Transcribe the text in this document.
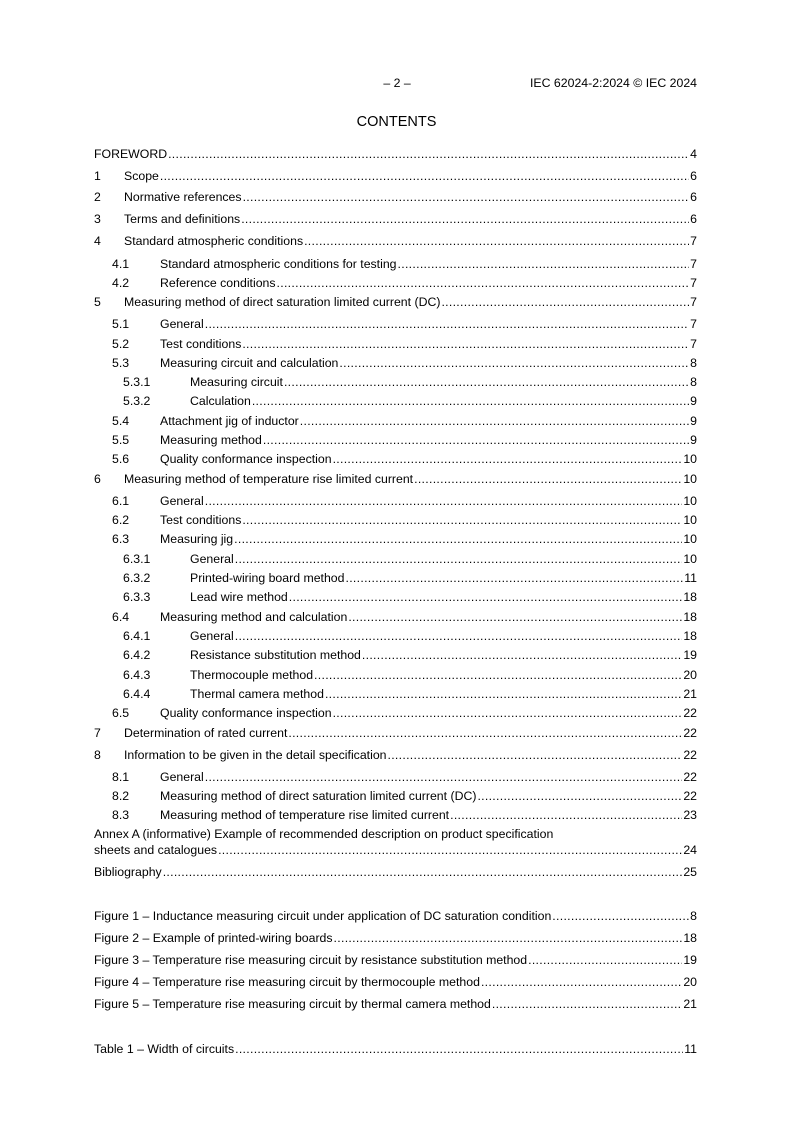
– 2 –	IEC 62024-2:2024 © IEC 2024
CONTENTS
FOREWORD .....	4
1 Scope .....	6
2 Normative references .....	6
3 Terms and definitions .....	6
4 Standard atmospheric conditions .....	7
4.1	Standard atmospheric conditions for testing .....	7
4.2	Reference conditions .....	7
5 Measuring method of direct saturation limited current (DC) .....	7
5.1	General .....	7
5.2	Test conditions .....	7
5.3	Measuring circuit and calculation .....	8
5.3.1	Measuring circuit .....	8
5.3.2	Calculation .....	9
5.4	Attachment jig of inductor .....	9
5.5	Measuring method .....	9
5.6	Quality conformance inspection .....	10
6 Measuring method of temperature rise limited current .....	10
6.1	General .....	10
6.2	Test conditions .....	10
6.3	Measuring jig .....	10
6.3.1	General .....	10
6.3.2	Printed-wiring board method .....	11
6.3.3	Lead wire method .....	18
6.4	Measuring method and calculation .....	18
6.4.1	General .....	18
6.4.2	Resistance substitution method .....	19
6.4.3	Thermocouple method .....	20
6.4.4	Thermal camera method .....	21
6.5	Quality conformance inspection .....	22
7 Determination of rated current .....	22
8 Information to be given in the detail specification .....	22
8.1	General .....	22
8.2	Measuring method of direct saturation limited current (DC) .....	22
8.3	Measuring method of temperature rise limited current .....	23
Annex A (informative) Example of recommended description on product specification
sheets and catalogues .....	24
Bibliography .....	25
Figure 1 – Inductance measuring circuit under application of DC saturation condition .....	8
Figure 2 – Example of printed-wiring boards .....	18
Figure 3 – Temperature rise measuring circuit by resistance substitution method .....	19
Figure 4 – Temperature rise measuring circuit by thermocouple method .....	20
Figure 5 – Temperature rise measuring circuit by thermal camera method .....	21
Table 1 – Width of circuits .....	11
